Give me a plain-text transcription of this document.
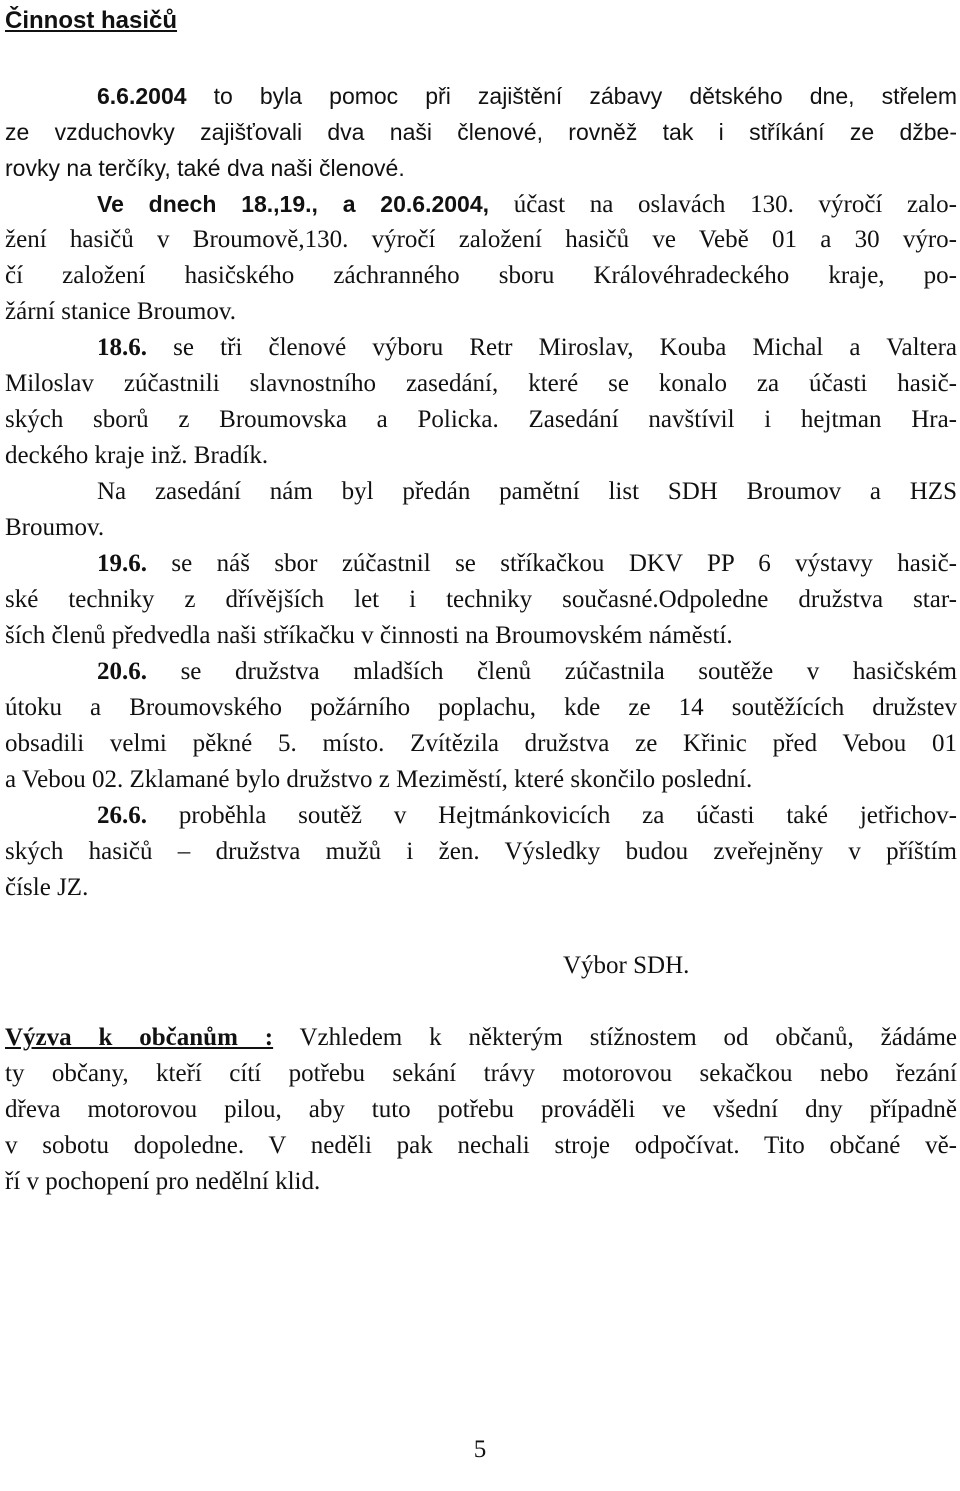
Činnost hasičů
6.6.2004 to byla pomoc při zajištění zábavy dětského dne, střelem
ze vzduchovky zajišťovali dva naši členové, rovněž tak i stříkání ze džbe-
rovky na terčíky, také dva naši členové.
Ve dnech 18.,19., a 20.6.2004, účast na oslavách 130. výročí zalo-
žení hasičů v Broumově,130. výročí založení hasičů ve Vebě 01 a 30 výro-
čí založení hasičského záchranného sboru Královéhradeckého kraje, po-
žární stanice Broumov.
18.6. se tři členové výboru Retr Miroslav, Kouba Michal a Valtera
Miloslav zúčastnili slavnostního zasedání, které se konalo za účasti hasič-
ských sborů z Broumovska a Policka. Zasedání navštívil i hejtman Hra-
deckého kraje inž. Bradík.
Na zasedání nám byl předán pamětní list SDH Broumov a HZS
Broumov.
19.6. se náš sbor zúčastnil se stříkačkou DKV PP 6 výstavy hasič-
ské techniky z dřívějších let i techniky současné.Odpoledne družstva star-
ších členů předvedla naši stříkačku v činnosti na Broumovském náměstí.
20.6. se družstva mladších členů zúčastnila soutěže v hasičském
útoku a Broumovského požárního poplachu, kde ze 14 soutěžících družstev
obsadili velmi pěkné 5. místo. Zvítězila družstva ze Křinic před Vebou 01
a Vebou 02. Zklamané bylo družstvo z Meziměstí, které skončilo poslední.
26.6. proběhla soutěž v Hejtmánkovicích za účasti také jetřichov-
ských hasičů – družstva mužů i žen. Výsledky budou zveřejněny v příštím
čísle JZ.
Výbor SDH.
Výzva k občanům : Vzhledem k některým stížnostem od občanů, žádáme
ty občany, kteří cítí potřebu sekání trávy motorovou sekačkou nebo řezání
dřeva motorovou pilou, aby tuto potřebu prováděli ve všední dny případně
v sobotu dopoledne. V neděli pak nechali stroje odpočívat. Tito občané vě-
ří v pochopení pro nedělní klid.
5
